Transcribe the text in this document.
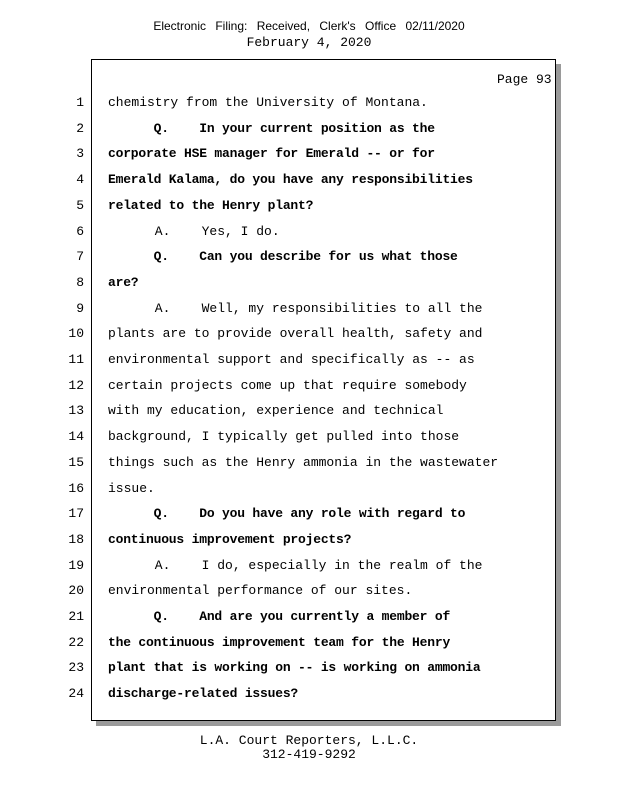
Electronic Filing: Received, Clerk's Office 02/11/2020
February 4, 2020
Page 93
1 chemistry from the University of Montana.
2 Q.    In your current position as the
3 corporate HSE manager for Emerald -- or for
4 Emerald Kalama, do you have any responsibilities
5 related to the Henry plant?
6 A.    Yes, I do.
7 Q.    Can you describe for us what those
8 are?
9 A.    Well, my responsibilities to all the
10 plants are to provide overall health, safety and
11 environmental support and specifically as -- as
12 certain projects come up that require somebody
13 with my education, experience and technical
14 background, I typically get pulled into those
15 things such as the Henry ammonia in the wastewater
16 issue.
17 Q.    Do you have any role with regard to
18 continuous improvement projects?
19 A.    I do, especially in the realm of the
20 environmental performance of our sites.
21 Q.    And are you currently a member of
22 the continuous improvement team for the Henry
23 plant that is working on -- is working on ammonia
24 discharge-related issues?
L.A. Court Reporters, L.L.C.
312-419-9292
